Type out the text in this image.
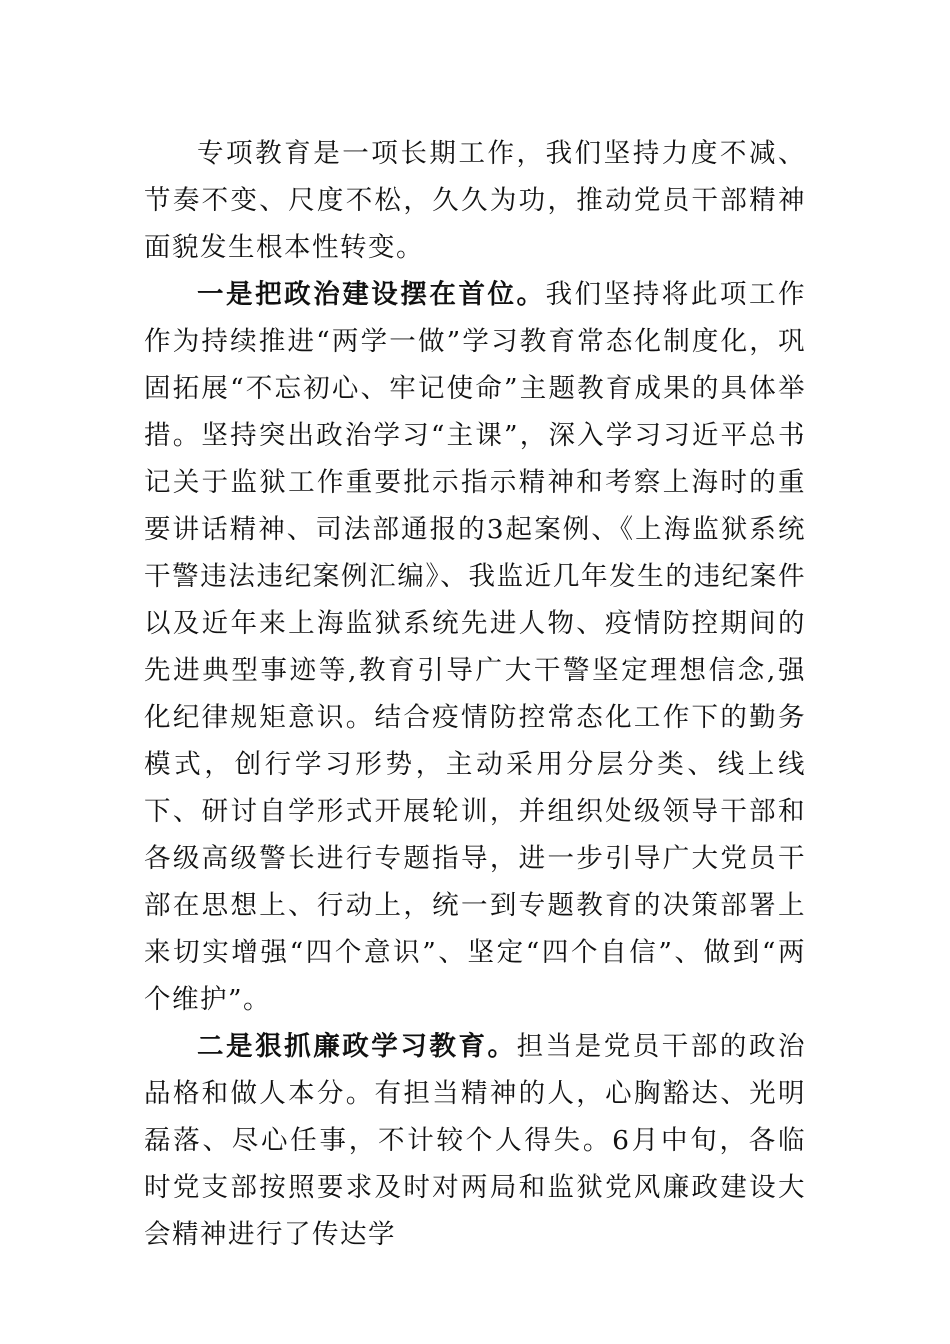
专项教育是一项长期工作，我们坚持力度不减、节奏不变、尺度不松，久久为功，推动党员干部精神面貌发生根本性转变。

一是把政治建设摆在首位。我们坚持将此项工作作为持续推进“两学一做”学习教育常态化制度化，巩固拓展“不忘初心、牢记使命”主题教育成果的具体举措。坚持突出政治学习“主课”，深入学习习近平总书记关于监狱工作重要批示指示精神和考察上海时的重要讲话精神、司法部通报的3起案例、《上海监狱系统干警违法违纪案例汇编》、我监近几年发生的违纪案件以及近年来上海监狱系统先进人物、疫情防控期间的先进典型事迹等,教育引导广大干警坚定理想信念,强化纪律规矩意识。结合疫情防控常态化工作下的勤务模式，创行学习形势，主动采用分层分类、线上线下、研讨自学形式开展轮训，并组织处级领导干部和各级高级警长进行专题指导，进一步引导广大党员干部在思想上、行动上，统一到专题教育的决策部署上来切实增强“四个意识”、坚定“四个自信”、做到“两个维护”。

二是狠抓廉政学习教育。担当是党员干部的政治品格和做人本分。有担当精神的人，心胸豁达、光明磊落、尽心任事，不计较个人得失。6月中旬，各临时党支部按照要求及时对两局和监狱党风廉政建设大会精神进行了传达学
